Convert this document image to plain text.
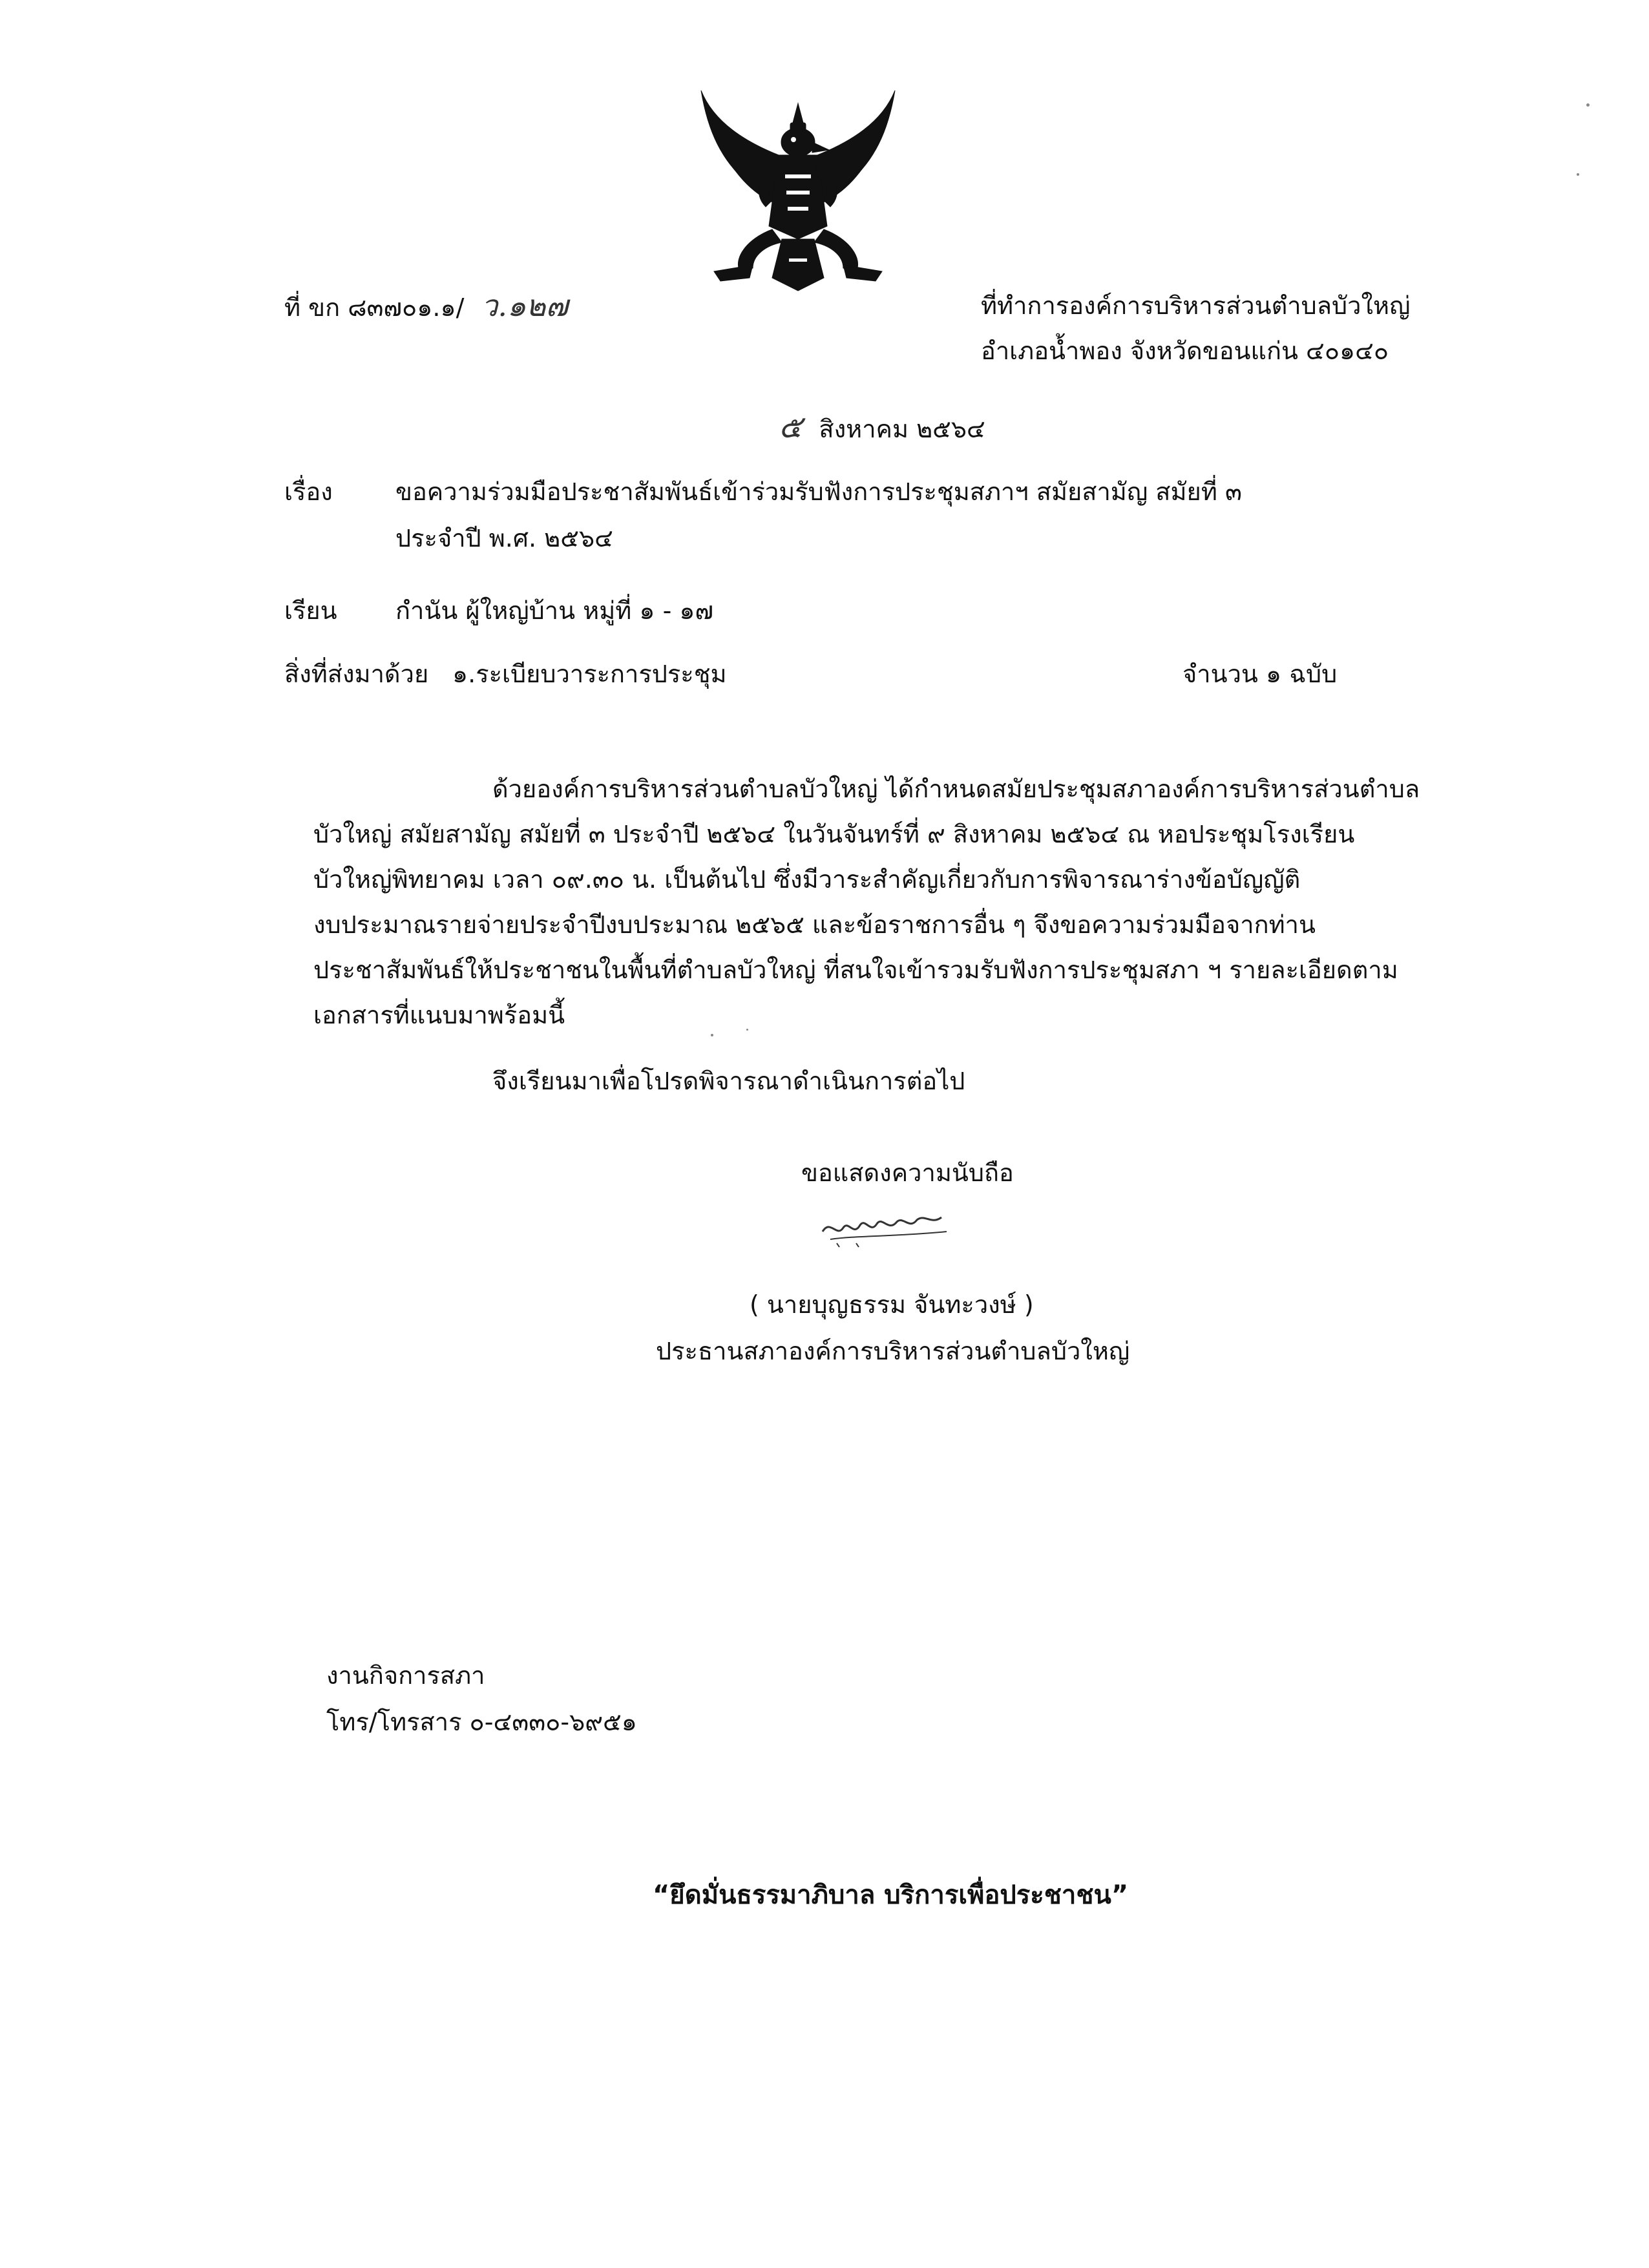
ที่ ขก ๘๓๗๐๑.๑/ ว.๑๒๗	ที่ทำการองค์การบริหารส่วนตำบลบัวใหญ่
อำเภอน้ำพอง จังหวัดขอนแก่น ๔๐๑๔๐
๕ สิงหาคม ๒๕๖๔
เรื่อง	ขอความร่วมมือประชาสัมพันธ์เข้าร่วมรับฟังการประชุมสภาฯ สมัยสามัญ สมัยที่ ๓
ประจำปี พ.ศ. ๒๕๖๔
เรียน กำนัน ผู้ใหญ่บ้าน หมู่ที่ ๑ - ๑๗
สิ่งที่ส่งมาด้วย ๑.ระเบียบวาระการประชุม	จำนวน ๑ ฉบับ
ด้วยองค์การบริหารส่วนตำบลบัวใหญ่ ได้กำหนดสมัยประชุมสภาองค์การบริหารส่วนตำบล
บัวใหญ่ สมัยสามัญ สมัยที่ ๓ ประจำปี ๒๕๖๔ ในวันจันทร์ที่ ๙ สิงหาคม ๒๕๖๔ ณ หอประชุมโรงเรียน
บัวใหญ่พิทยาคม เวลา ๐๙.๓๐ น. เป็นต้นไป ซึ่งมีวาระสำคัญเกี่ยวกับการพิจารณาร่างข้อบัญญัติ
งบประมาณรายจ่ายประจำปีงบประมาณ ๒๕๖๕ และข้อราชการอื่น ๆ จึงขอความร่วมมือจากท่าน
ประชาสัมพันธ์ให้ประชาชนในพื้นที่ตำบลบัวใหญ่ ที่สนใจเข้ารวมรับฟังการประชุมสภา ฯ รายละเอียดตาม
เอกสารที่แนบมาพร้อมนี้
จึงเรียนมาเพื่อโปรดพิจารณาดำเนินการต่อไป
ขอแสดงความนับถือ
( นายบุญธรรม จันทะวงษ์ )
ประธานสภาองค์การบริหารส่วนตำบลบัวใหญ่
งานกิจการสภา
โทร/โทรสาร ๐-๔๓๓๐-๖๙๕๑
“ยึดมั่นธรรมาภิบาล บริการเพื่อประชาชน”
